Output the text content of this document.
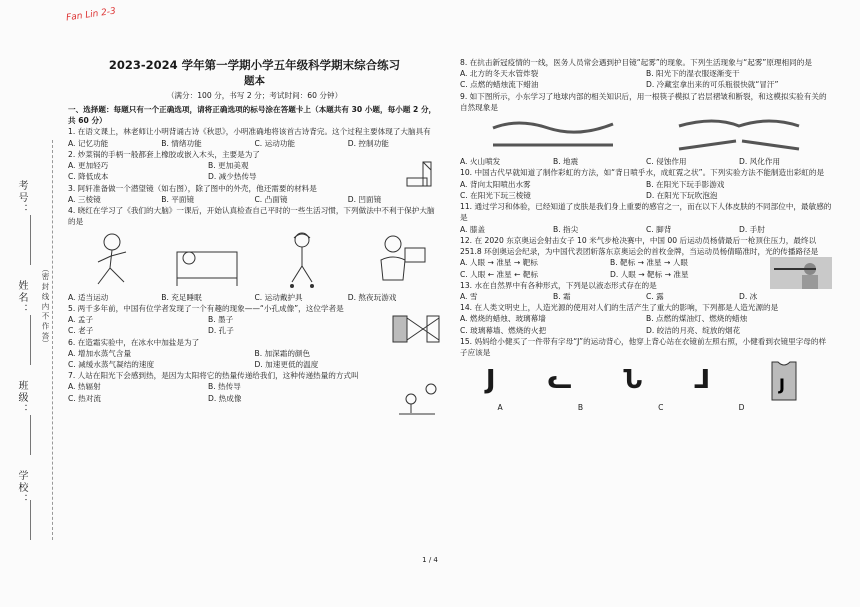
Fan Lin 2-3
考号：
姓名：
班级：
学校：
（密 封 线 内 不 作 答）
2023-2024 学年第一学期小学五年级科学期末综合练习
题本
（满分：100 分，书写 2 分；考试时间：60 分钟）
一、选择题：每题只有一个正确选项，请将正确选项的标号涂在答题卡上（本题共有 30 小题，每小题 2 分，共 60 分）

1. 在语文课上，林老师让小明背诵古诗《秋思》，小明准确地将该首古诗背完。这个过程主要体现了大脑具有

A. 记忆功能	B. 情绪功能	C. 运动功能	D. 控制功能

2. 炒菜锅的手柄一般都套上橡胶或嵌入木头，主要是为了

A. 更加轻巧	B. 更加美观
C. 降低成本	D. 减少热传导

3. 阿轩准备做一个潜望镜（如右图），除了图中的外壳，他还需要的材料是

A. 三棱镜	B. 平面镜	C. 凸面镜	D. 凹面镜

4. 晓红在学习了《我们的大脑》一课后，开始认真检查自己平时的一些生活习惯，下列做法中不利于保护大脑的是

A. 适当运动	B. 充足睡眠	C. 运动戴护具	D. 熬夜玩游戏

5. 两千多年前，中国有位学者发现了一个有趣的现象——“小孔成像”，这位学者是

A. 孟子	B. 墨子
C. 老子	D. 孔子

6. 在造霜实验中，在冰水中加盐是为了

A. 增加水蒸气含量	B. 加深霜的颜色
C. 减缓水蒸气凝结的速度	D. 加速更低的温度

7. 人站在阳光下会感到热，是因为太阳将它的热量传递给我们，这种传递热量的方式叫

A. 热辐射	B. 热传导
C. 热对流	D. 热成像

8. 在抗击新冠疫情的一线，医务人员常会遇到护目镜“起雾”的现象。下列生活现象与“起雾”原理相同的是

A. 北方的冬天水管炸裂	B. 阳光下的湿衣服逐渐变干
C. 点燃的蜡烛流下蜡油	D. 冷藏室拿出来的可乐瓶很快就“冒汗”

9. 如下图所示，小东学习了地球内部的相关知识后，用一根筷子模拟了岩层褶皱和断裂，和这模拟实验有关的自然现象是

A. 火山喷发	B. 地震	C. 侵蚀作用	D. 风化作用

10. 中国古代早就知道了制作彩虹的方法，如“背日喷乎水，成虹霓之状”。下列实验方法不能制造出彩虹的是

A. 背向太阳喷出水雾	B. 在阳光下玩手影游戏
C. 在阳光下玩三棱镜	D. 在阳光下玩吹泡泡

11. 通过学习和体验，已经知道了皮肤是我们身上重要的感官之一，而在以下人体皮肤的不同部位中，最敏感的是

A. 膝盖	B. 指尖	C. 脚背	D. 手肘

12. 在 2020 东京奥运会射击女子 10 米气步枪决赛中，中国 00 后运动员杨倩最后一枪顶住压力，最终以 251.8 环创奥运会纪录，为中国代表团斩落东京奥运会的首枚金牌，当运动员杨倩瞄准时，光的传播路径是

A. 人眼 → 准星 → 靶标	B. 靶标 → 准星 → 人眼
C. 人眼 ← 准星 ← 靶标	D. 人眼 → 靶标 → 准星

13. 水在自然界中有各种形式，下列是以液态形式存在的是

A. 雪	B. 霜	C. 露	D. 冰

14. 在人类文明史上，人造光源的使用对人们的生活产生了重大的影响，下列都是人造光源的是

A. 燃烧的蜡烛、玻璃幕墙	B. 点燃的煤油灯、燃烧的蜡烛
C. 玻璃幕墙、燃烧的火把	D. 皎洁的月亮、绽放的烟花

15. 妈妈给小健买了一件带有字母“J”的运动背心，他穿上背心站在衣镜前左照右照，小健看到衣镜里字母的样子应该是

J ᓚ Ն ᒧ	J
A	B	C	D
1 / 4
